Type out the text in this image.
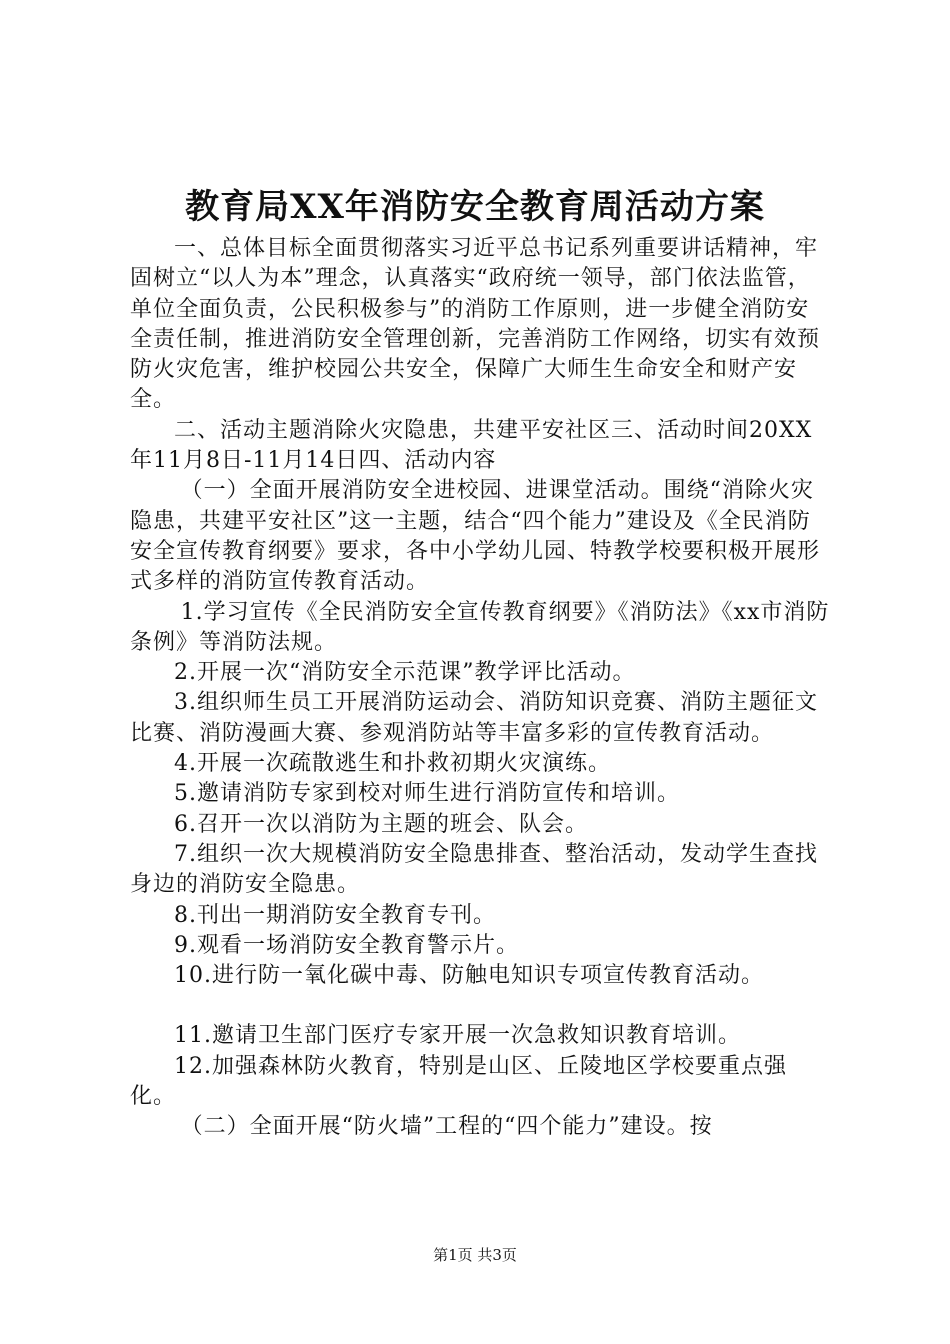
教育局XX年消防安全教育周活动方案

一、总体目标全面贯彻落实习近平总书记系列重要讲话精神，牢固树立“以人为本”理念，认真落实“政府统一领导，部门依法监管，单位全面负责，公民积极参与”的消防工作原则，进一步健全消防安全责任制，推进消防安全管理创新，完善消防工作网络，切实有效预防火灾危害，维护校园公共安全，保障广大师生生命安全和财产安全。

二、活动主题消除火灾隐患，共建平安社区三、活动时间20XX年11月8日-11月14日四、活动内容

（一）全面开展消防安全进校园、进课堂活动。围绕“消除火灾隐患，共建平安社区”这一主题，结合“四个能力”建设及《全民消防安全宣传教育纲要》要求，各中小学幼儿园、特教学校要积极开展形式多样的消防宣传教育活动。

1.学习宣传《全民消防安全宣传教育纲要》《消防法》《xx市消防条例》等消防法规。

2.开展一次“消防安全示范课”教学评比活动。

3.组织师生员工开展消防运动会、消防知识竞赛、消防主题征文比赛、消防漫画大赛、参观消防站等丰富多彩的宣传教育活动。

4.开展一次疏散逃生和扑救初期火灾演练。

5.邀请消防专家到校对师生进行消防宣传和培训。

6.召开一次以消防为主题的班会、队会。

7.组织一次大规模消防安全隐患排查、整治活动，发动学生查找身边的消防安全隐患。

8.刊出一期消防安全教育专刊。

9.观看一场消防安全教育警示片。

10.进行防一氧化碳中毒、防触电知识专项宣传教育活动。

11.邀请卫生部门医疗专家开展一次急救知识教育培训。

12.加强森林防火教育，特别是山区、丘陵地区学校要重点强化。

（二）全面开展“防火墙”工程的“四个能力”建设。按

第1页 共3页
